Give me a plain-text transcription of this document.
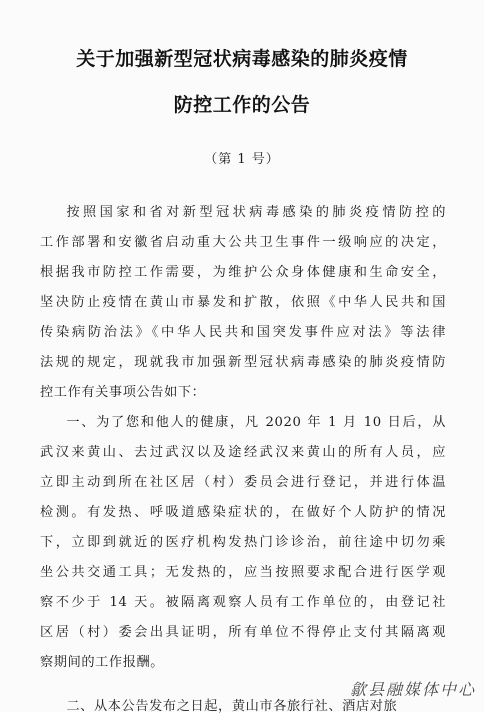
关于加强新型冠状病毒感染的肺炎疫情
防控工作的公告
（第 1 号）
按照国家和省对新型冠状病毒感染的肺炎疫情防控的
工作部署和安徽省启动重大公共卫生事件一级响应的决定，
根据我市防控工作需要，为维护公众身体健康和生命安全，
坚决防止疫情在黄山市暴发和扩散，依照《中华人民共和国
传染病防治法》《中华人民共和国突发事件应对法》等法律
法规的规定，现就我市加强新型冠状病毒感染的肺炎疫情防
控工作有关事项公告如下：
一、为了您和他人的健康，凡 2020 年 1 月 10 日后，从
武汉来黄山、去过武汉以及途经武汉来黄山的所有人员，应
立即主动到所在社区居（村）委员会进行登记，并进行体温
检测。有发热、呼吸道感染症状的，在做好个人防护的情况
下，立即到就近的医疗机构发热门诊诊治，前往途中切勿乘
坐公共交通工具；无发热的，应当按照要求配合进行医学观
察不少于 14 天。被隔离观察人员有工作单位的，由登记社
区居（村）委会出具证明，所有单位不得停止支付其隔离观
察期间的工作报酬。
二、从本公告发布之日起，黄山市各旅行社、酒店对旅
歙县融媒体中心
